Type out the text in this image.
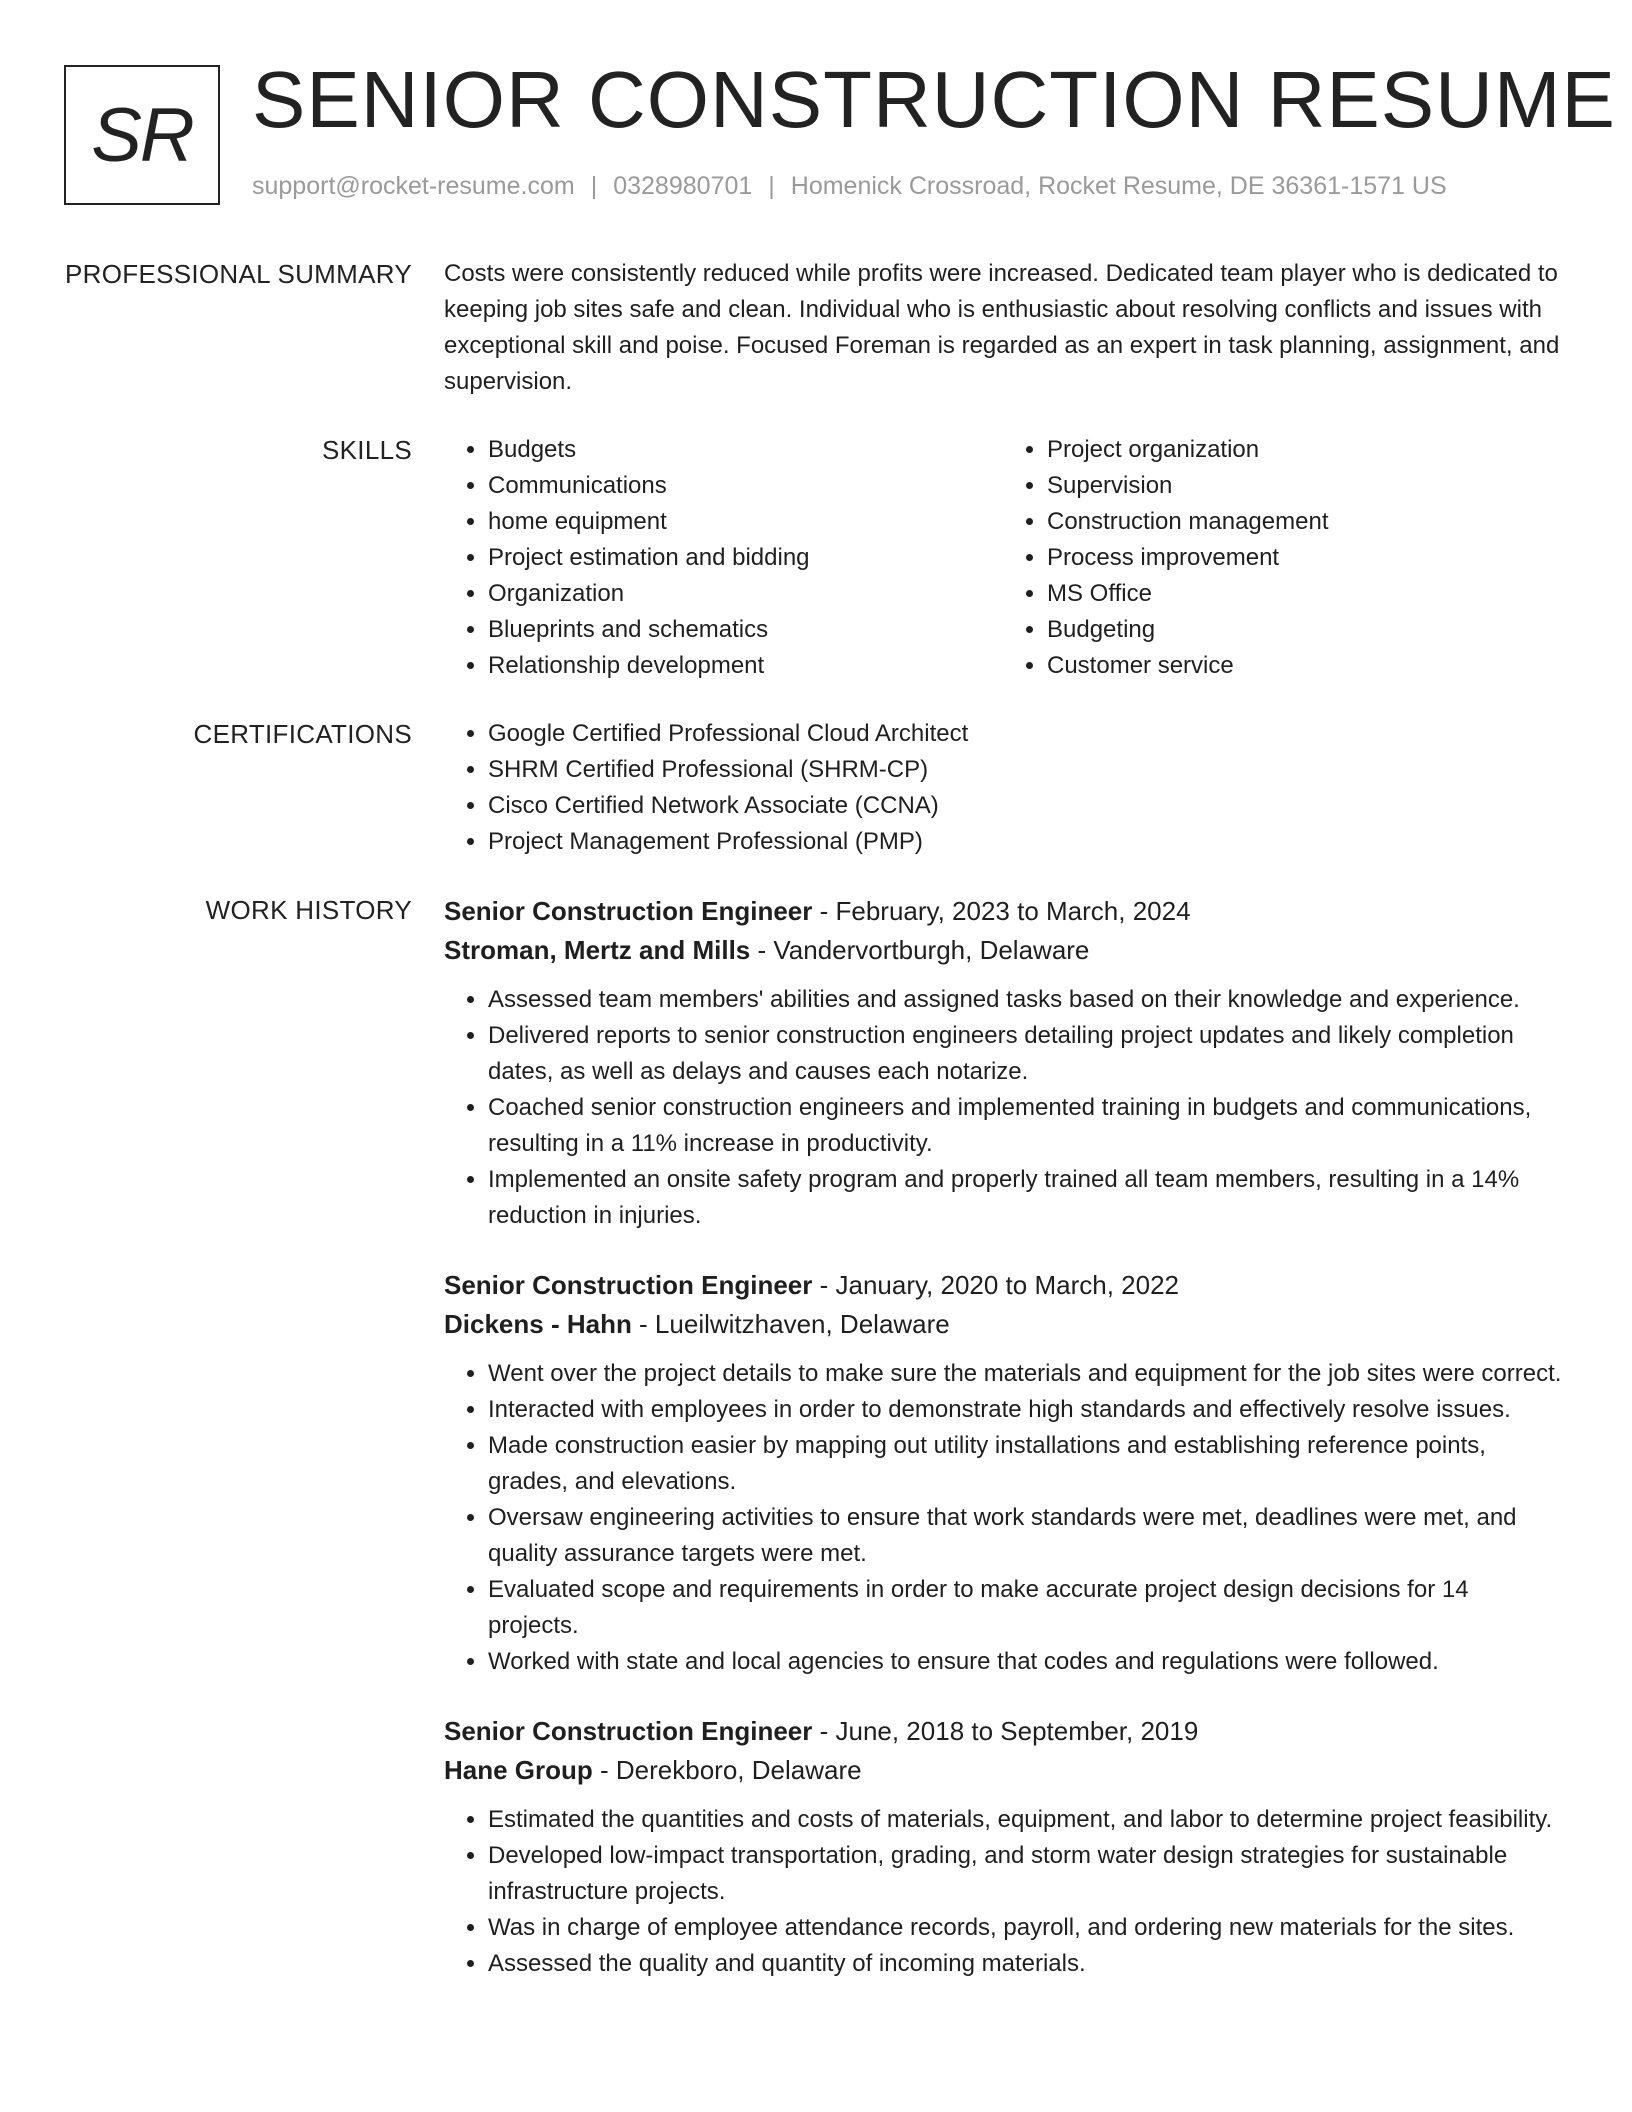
SR SENIOR CONSTRUCTION RESUME
support@rocket-resume.com | 0328980701 | Homenick Crossroad, Rocket Resume, DE 36361-1571 US
PROFESSIONAL SUMMARY Costs were consistently reduced while profits were increased. Dedicated team player who is dedicated to keeping job sites safe and clean. Individual who is enthusiastic about resolving conflicts and issues with exceptional skill and poise. Focused Foreman is regarded as an expert in task planning, assignment, and supervision.

SKILLS	• Budgets
• Communications
• home equipment
• Project estimation and bidding
• Organization
• Blueprints and schematics
• Relationship development
• Project organization
• Supervision
• Construction management
• Process improvement
• MS Office
• Budgeting
• Customer service
CERTIFICATIONS	• Google Certified Professional Cloud Architect
• SHRM Certified Professional (SHRM-CP)
• Cisco Certified Network Associate (CCNA)
• Project Management Professional (PMP)
WORK HISTORY Senior Construction Engineer - February, 2023 to March, 2024
Stroman, Mertz and Mills - Vandervortburgh, Delaware
• Assessed team members' abilities and assigned tasks based on their knowledge and experience.
• Delivered reports to senior construction engineers detailing project updates and likely completion dates, as well as delays and causes each notarize.
• Coached senior construction engineers and implemented training in budgets and communications, resulting in a 11% increase in productivity.
• Implemented an onsite safety program and properly trained all team members, resulting in a 14% reduction in injuries.
Senior Construction Engineer - January, 2020 to March, 2022
Dickens - Hahn - Lueilwitzhaven, Delaware
• Went over the project details to make sure the materials and equipment for the job sites were correct.
• Interacted with employees in order to demonstrate high standards and effectively resolve issues.
• Made construction easier by mapping out utility installations and establishing reference points, grades, and elevations.
• Oversaw engineering activities to ensure that work standards were met, deadlines were met, and quality assurance targets were met.
• Evaluated scope and requirements in order to make accurate project design decisions for 14 projects.
• Worked with state and local agencies to ensure that codes and regulations were followed.
Senior Construction Engineer - June, 2018 to September, 2019
Hane Group - Derekboro, Delaware
• Estimated the quantities and costs of materials, equipment, and labor to determine project feasibility.
• Developed low-impact transportation, grading, and storm water design strategies for sustainable infrastructure projects.
• Was in charge of employee attendance records, payroll, and ordering new materials for the sites.
• Assessed the quality and quantity of incoming materials.
